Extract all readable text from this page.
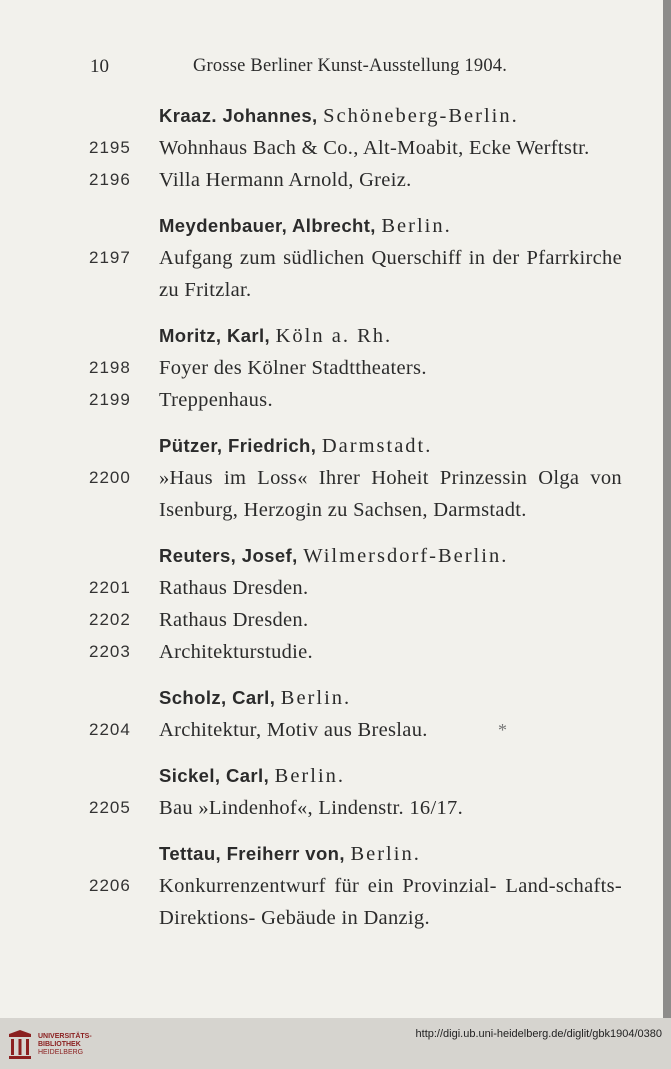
10	Grosse Berliner Kunst-Ausstellung 1904.
Kraaz. Johannes, Schöneberg-Berlin.
2195 Wohnhaus Bach & Co., Alt-Moabit, Ecke Werftstr.
2196 Villa Hermann Arnold, Greiz.
Meydenbauer, Albrecht, Berlin.
2197 Aufgang zum südlichen Querschiff in der Pfarrkirche zu Fritzlar.
Moritz, Karl, Köln a. Rh.
2198 Foyer des Kölner Stadttheaters.
2199 Treppenhaus.
Pützer, Friedrich, Darmstadt.
2200 »Haus im Loss« Ihrer Hoheit Prinzessin Olga von Isenburg, Herzogin zu Sachsen, Darmstadt.
Reuters, Josef, Wilmersdorf-Berlin.
2201 Rathaus Dresden.
2202 Rathaus Dresden.
2203 Architekturstudie.
Scholz, Carl, Berlin.
2204 Architektur, Motiv aus Breslau.	*
Sickel, Carl, Berlin.
2205 Bau »Lindenhof«, Lindenstr. 16/17.
Tettau, Freiherr von, Berlin.
2206 Konkurrenzentwurf für ein Provinzial- Land-schafts- Direktions- Gebäude in Danzig.
UNIVERSITÄTS-
BIBLIOTHEK
HEIDELBERG
http://digi.ub.uni-heidelberg.de/diglit/gbk1904/0380
